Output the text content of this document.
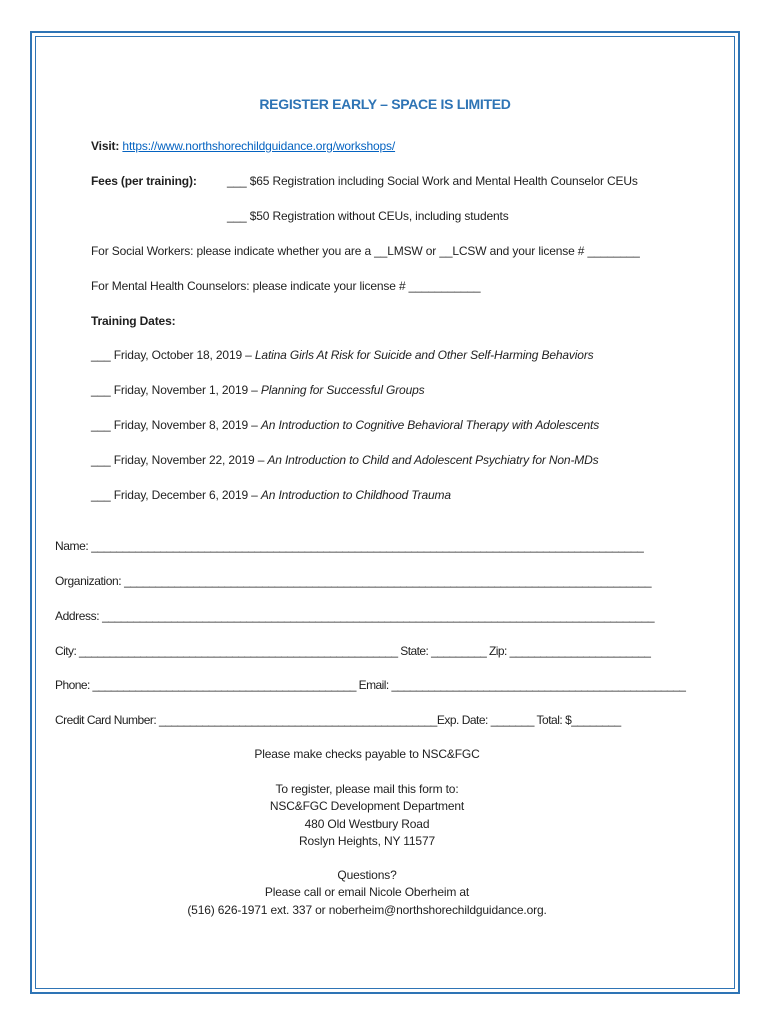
REGISTER EARLY – SPACE IS LIMITED
Visit: https://www.northshorechildguidance.org/workshops/
Fees (per training):	___ $65 Registration including Social Work and Mental Health Counselor CEUs
___ $50 Registration without CEUs, including students
For Social Workers: please indicate whether you are a __LMSW or __LCSW and your license # ________
For Mental Health Counselors: please indicate your license # ___________
Training Dates:
___ Friday, October 18, 2019 – Latina Girls At Risk for Suicide and Other Self-Harming Behaviors
___ Friday, November 1, 2019 – Planning for Successful Groups
___ Friday, November 8, 2019 – An Introduction to Cognitive Behavioral Therapy with Adolescents
___ Friday, November 22, 2019 – An Introduction to Child and Adolescent Psychiatry for Non-MDs
___ Friday, December 6, 2019 – An Introduction to Childhood Trauma
Name: ________________________________________________________________________________________
Organization: ____________________________________________________________________________________
Address: ________________________________________________________________________________________
City: ____________________________________________________ State: _________ Zip: _______________________
Phone: ___________________________________________ Email: ________________________________________________
Credit Card Number: _____________________________________________Exp. Date: _______ Total: $________
Please make checks payable to NSC&FGC
To register, please mail this form to:
NSC&FGC Development Department
480 Old Westbury Road
Roslyn Heights, NY 11577
Questions?
Please call or email Nicole Oberheim at
(516) 626-1971 ext. 337 or noberheim@northshorechildguidance.org.
